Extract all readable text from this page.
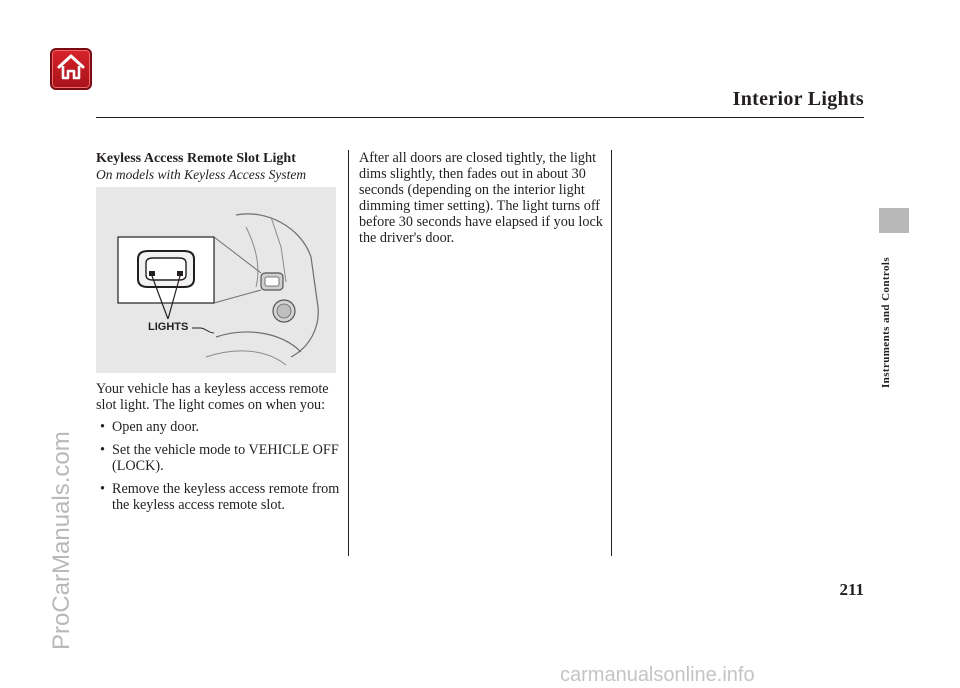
Interior Lights
Instruments and Controls
ProCarManuals.com
Keyless Access Remote Slot Light
On models with Keyless Access System
LIGHTS

Your vehicle has a keyless access remote slot light. The light comes on when you:

• Open any door.
• Set the vehicle mode to VEHICLE OFF (LOCK).
• Remove the keyless access remote from the keyless access remote slot.

After all doors are closed tightly, the light dims slightly, then fades out in about 30 seconds (depending on the interior light dimming timer setting). The light turns off before 30 seconds have elapsed if you lock the driver's door.

211
carmanualsonline.info
